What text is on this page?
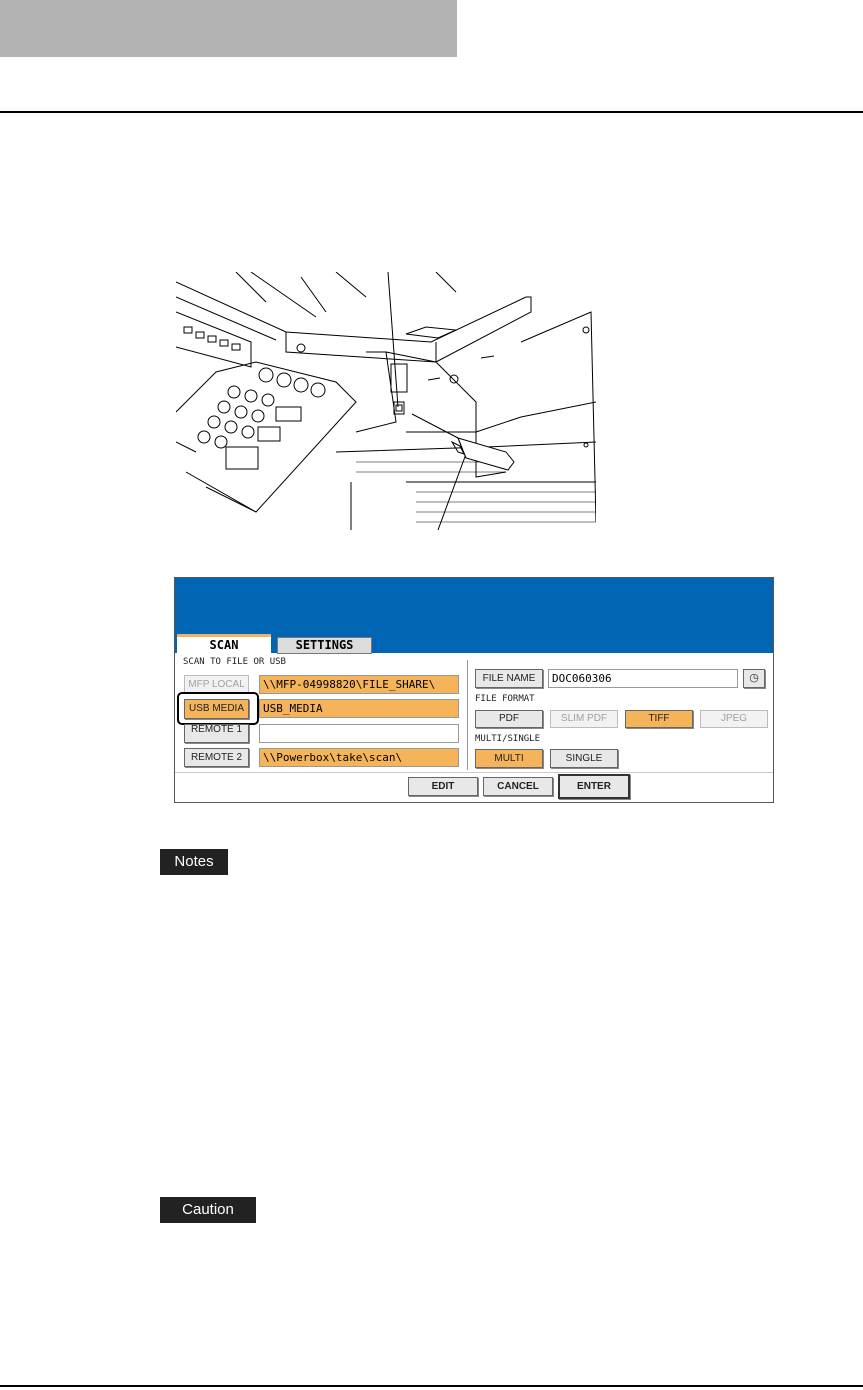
SCAN	SETTINGS
SCAN TO FILE OR USB
MFP LOCAL	\\MFP-04998820\FILE_SHARE\
USB MEDIA	USB_MEDIA
REMOTE 1
REMOTE 2	\\Powerbox\take\scan\
FILE NAME	DOC060306	◷
FILE FORMAT
PDF	SLIM PDF	TIFF	JPEG
MULTI/SINGLE
MULTI	SINGLE
EDIT	CANCEL	ENTER
Notes
Caution
